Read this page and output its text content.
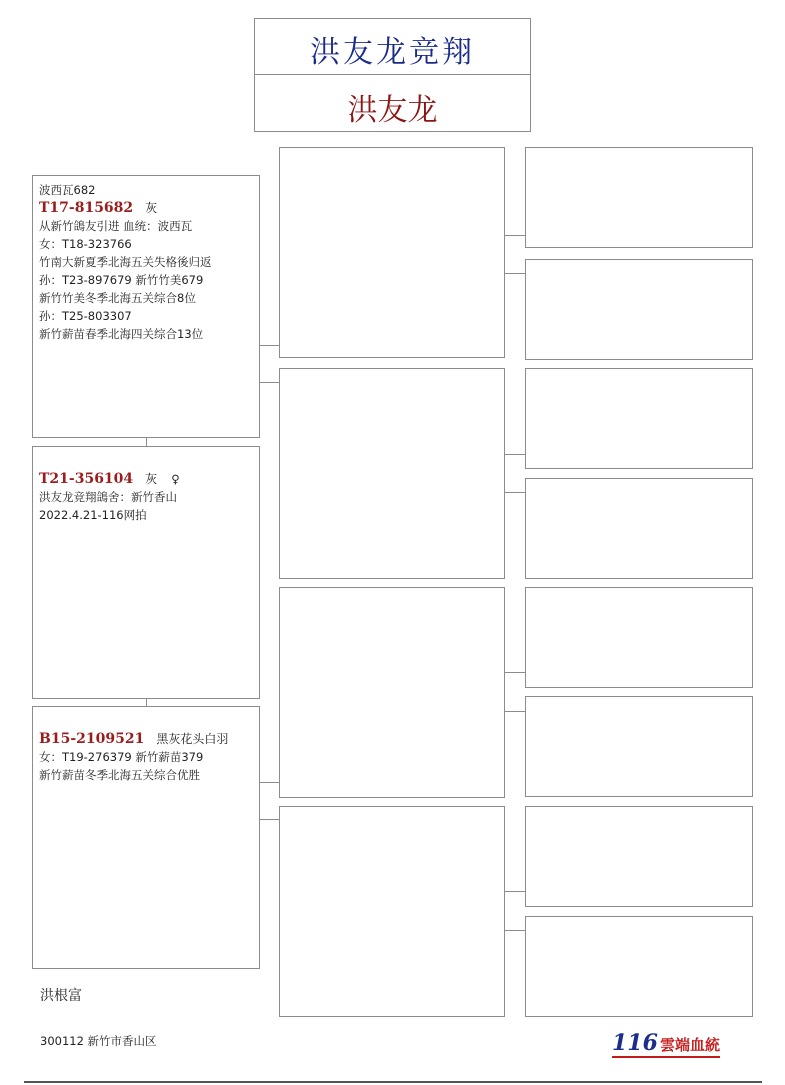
洪友龙竞翔
洪友龙
波西瓦682
T17-815682 灰
从新竹鴿友引进 血统：波西瓦
女：T18-323766
竹南大新夏季北海五关失格後归返
孙：T23-897679 新竹竹美679
新竹竹美冬季北海五关综合8位
孙：T25-803307
新竹薪苗春季北海四关综合13位
T21-356104 灰 ♀
洪友龙竞翔鴿舍：新竹香山
2022.4.21-116网拍
B15-2109521 黑灰花头白羽
女：T19-276379 新竹薪苗379
新竹薪苗冬季北海五关综合优胜
洪根富
300112 新竹市香山区	116 雲端血統
